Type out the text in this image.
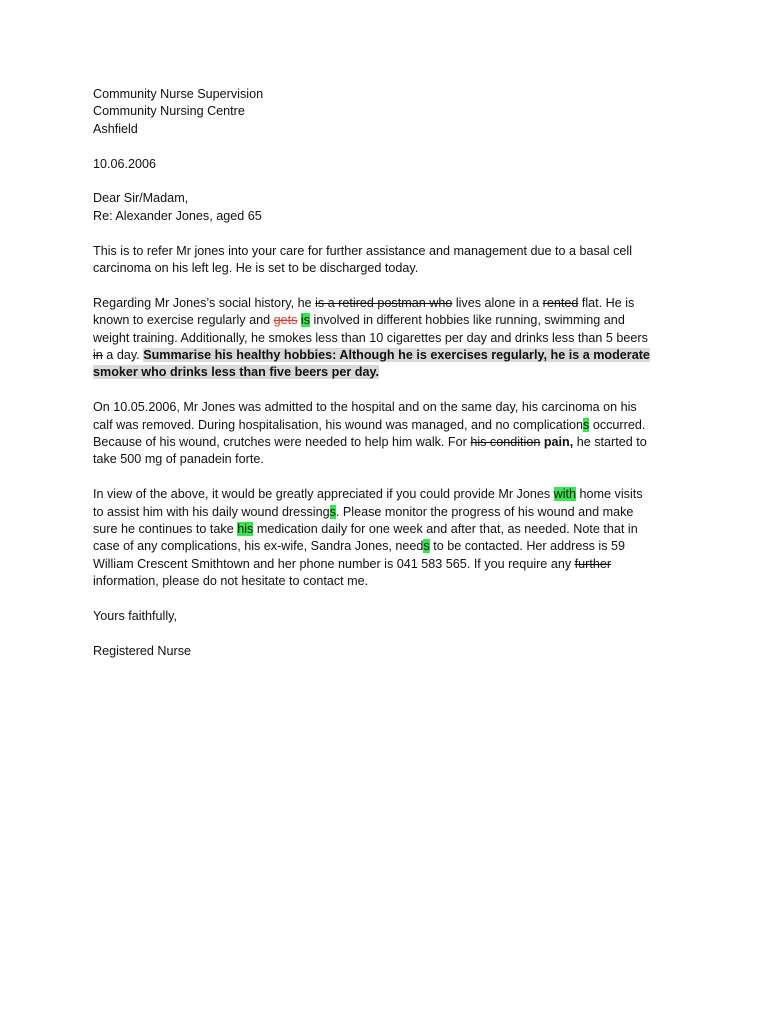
Community Nurse Supervision
Community Nursing Centre
Ashfield
10.06.2006
Dear Sir/Madam,
Re: Alexander Jones, aged 65
This is to refer Mr jones into your care for further assistance and management due to a basal cell
carcinoma on his left leg. He is set to be discharged today.
Regarding Mr Jones’s social history, he is a retired postman who lives alone in a rented flat. He is
known to exercise regularly and gets is involved in different hobbies like running, swimming and
weight training. Additionally, he smokes less than 10 cigarettes per day and drinks less than 5 beers
in a day. Summarise his healthy hobbies: Although he is exercises regularly, he is a moderate
smoker who drinks less than five beers per day.
On 10.05.2006, Mr Jones was admitted to the hospital and on the same day, his carcinoma on his
calf was removed. During hospitalisation, his wound was managed, and no complications occurred.
Because of his wound, crutches were needed to help him walk. For his condition pain, he started to
take 500 mg of panadein forte.
In view of the above, it would be greatly appreciated if you could provide Mr Jones with home visits
to assist him with his daily wound dressings. Please monitor the progress of his wound and make
sure he continues to take his medication daily for one week and after that, as needed. Note that in
case of any complications, his ex-wife, Sandra Jones, needs to be contacted. Her address is 59
William Crescent Smithtown and her phone number is 041 583 565. If you require any further
information, please do not hesitate to contact me.
Yours faithfully,
Registered Nurse
